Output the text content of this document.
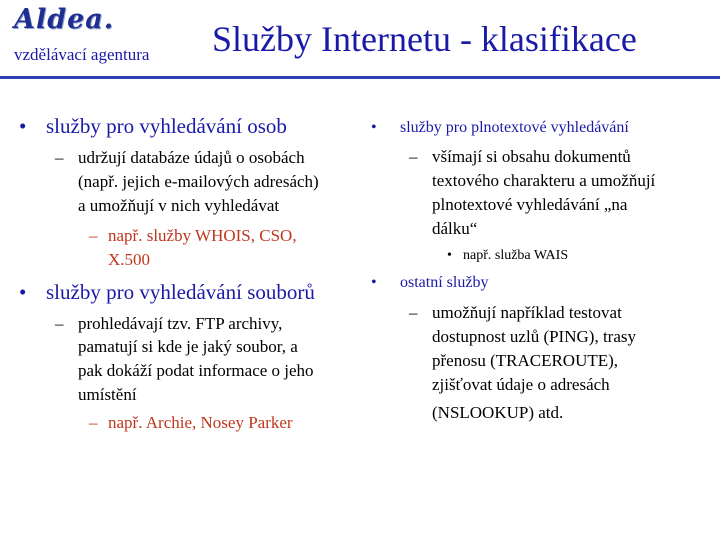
Aldea.
vzdělávací agentura Služby Internetu - klasifikace
• služby pro vyhledávání osob
– udržují databáze údajů o osobách
(např. jejich e-mailových adresách)
a umožňují v nich vyhledávat
– např. služby WHOIS, CSO,
X.500
• služby pro vyhledávání souborů
– prohledávají tzv. FTP archivy,
pamatují si kde je jaký soubor, a
pak dokáží podat informace o jeho
umístění
– např. Archie, Nosey Parker
• služby pro plnotextové vyhledávání
– všímají si obsahu dokumentů
textového charakteru a umožňují
plnotextové vyhledávání „na
dálku“
• např. služba WAIS
• ostatní služby
– umožňují například testovat
dostupnost uzlů (PING), trasy
přenosu (TRACEROUTE),
zjišťovat údaje o adresách
(NSLOOKUP) atd.
